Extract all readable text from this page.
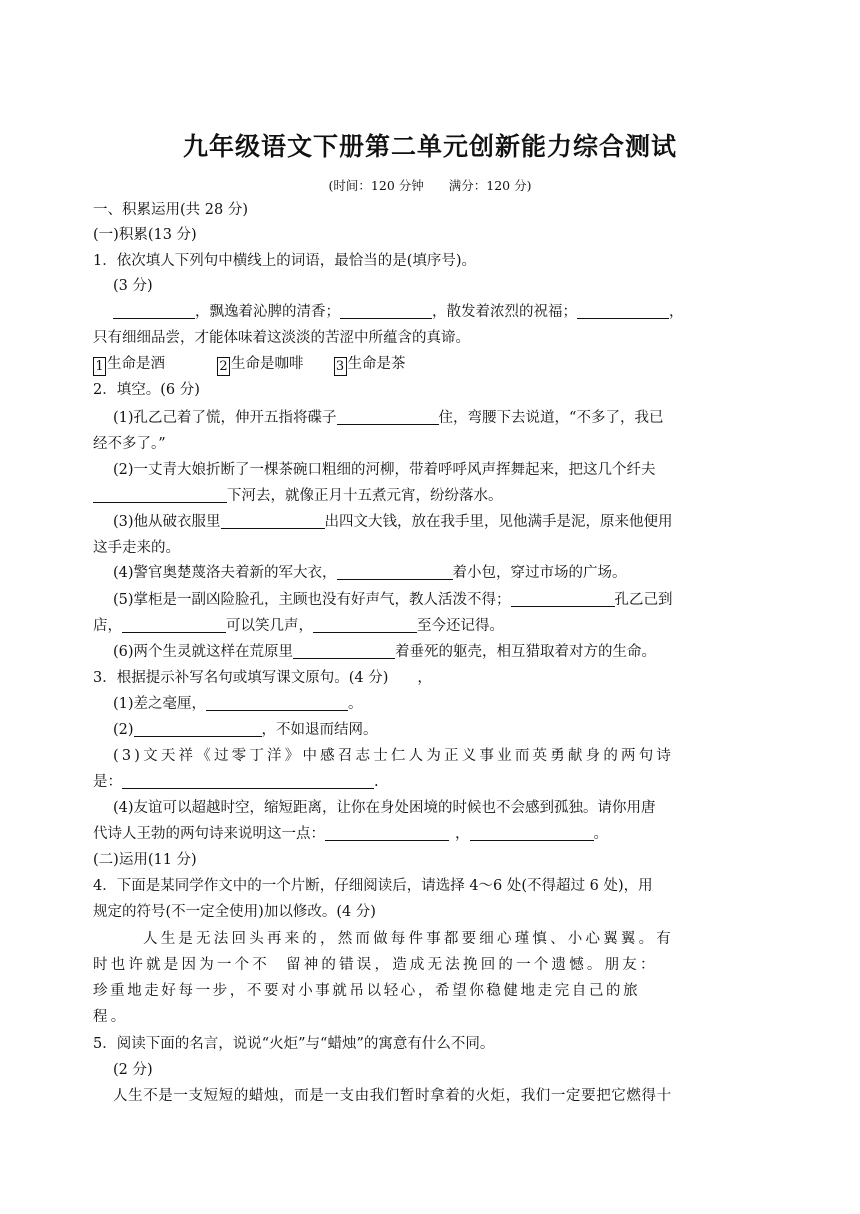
九年级语文下册第二单元创新能力综合测试
(时间：120 分钟　　满分：120 分)
一、积累运用(共 28 分)
(一)积累(13 分)
1．依次填人下列句中横线上的词语，最恰当的是(填序号)。
(3 分)
，飘逸着沁脾的清香；	，散发着浓烈的祝福；	，
只有细细品尝，才能体味着这淡淡的苦涩中所蕴含的真谛。
1 生命是酒	2 生命是咖啡 3 生命是茶
2．填空。(6 分)
(1)孔乙己着了慌，伸开五指将碟子	住，弯腰下去说道，“不多了，我已
经不多了。”
(2)一丈青大娘折断了一棵茶碗口粗细的河柳，带着呼呼风声挥舞起来，把这几个纤夫
下河去，就像正月十五煮元宵，纷纷落水。
(3)他从破衣服里	出四文大钱，放在我手里，见他满手是泥，原来他便用
这手走来的。
(4)警官奥楚蔑洛夫着新的军大衣，	着小包，穿过市场的广场。
(5)掌柜是一副凶险脸孔，主顾也没有好声气，教人活泼不得；	孔乙己到
店，	可以笑几声，	至今还记得。
(6)两个生灵就这样在荒原里	着垂死的躯壳，相互猎取着对方的生命。
3．根据提示补写名句或填写课文原句。(4 分)　　，
(1)差之毫厘，	。
(2)	，不如退而结网。
(3)文天祥《过零丁洋》中感召志士仁人为正义事业而英勇献身的两句诗
是：	.
(4)友谊可以超越时空，缩短距离，让你在身处困境的时候也不会感到孤独。请你用唐
代诗人王勃的两句诗来说明这一点：	，	。
(二)运用(11 分)
4．下面是某同学作文中的一个片断，仔细阅读后，请选择 4～6 处(不得超过 6 处)，用
规定的符号(不一定全使用)加以修改。(4 分)
人生是无法回头再来的，然而做每件事都要细心瑾慎、小心翼翼。有
时也许就是因为一个不 留神的错误，造成无法挽回的一个遗憾。朋友：
珍重地走好每一步，不要对小事就吊以轻心，希望你稳健地走完自己的旅
程。
5．阅读下面的名言，说说“火炬”与“蜡烛”的寓意有什么不同。
(2 分)
人生不是一支短短的蜡烛，而是一支由我们暂时拿着的火炬，我们一定要把它燃得十
